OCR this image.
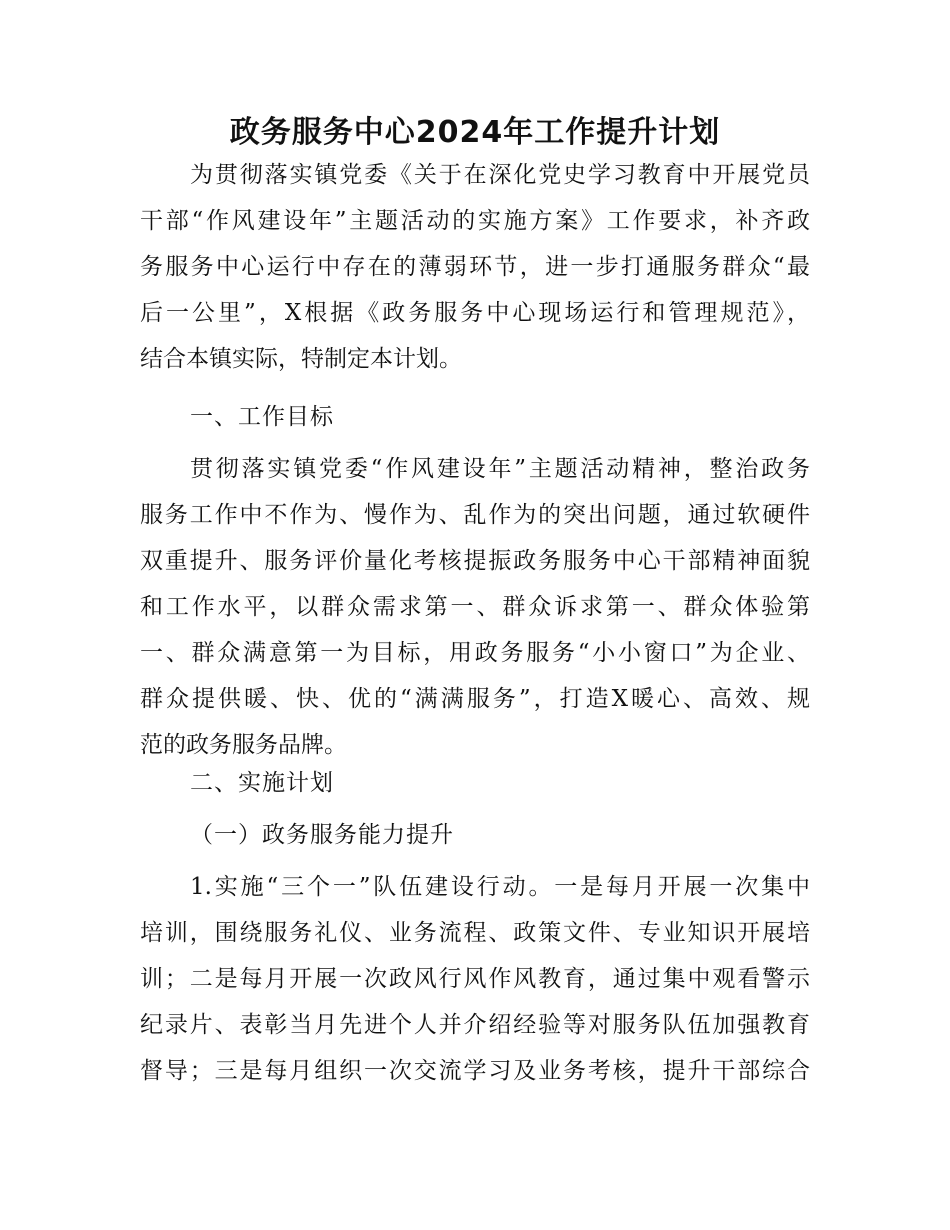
政务服务中心2024年工作提升计划
为贯彻落实镇党委《关于在深化党史学习教育中开展党员
干部“作风建设年”主题活动的实施方案》工作要求，补齐政
务服务中心运行中存在的薄弱环节，进一步打通服务群众“最
后一公里”，X根据《政务服务中心现场运行和管理规范》，
结合本镇实际，特制定本计划。
一、工作目标
贯彻落实镇党委“作风建设年”主题活动精神，整治政务
服务工作中不作为、慢作为、乱作为的突出问题，通过软硬件
双重提升、服务评价量化考核提振政务服务中心干部精神面貌
和工作水平，以群众需求第一、群众诉求第一、群众体验第
一、群众满意第一为目标，用政务服务“小小窗口”为企业、
群众提供暖、快、优的“满满服务”，打造X暖心、高效、规
范的政务服务品牌。
二、实施计划
（一）政务服务能力提升
1.实施“三个一”队伍建设行动。一是每月开展一次集中
培训，围绕服务礼仪、业务流程、政策文件、专业知识开展培
训；二是每月开展一次政风行风作风教育，通过集中观看警示
纪录片、表彰当月先进个人并介绍经验等对服务队伍加强教育
督导；三是每月组织一次交流学习及业务考核，提升干部综合
